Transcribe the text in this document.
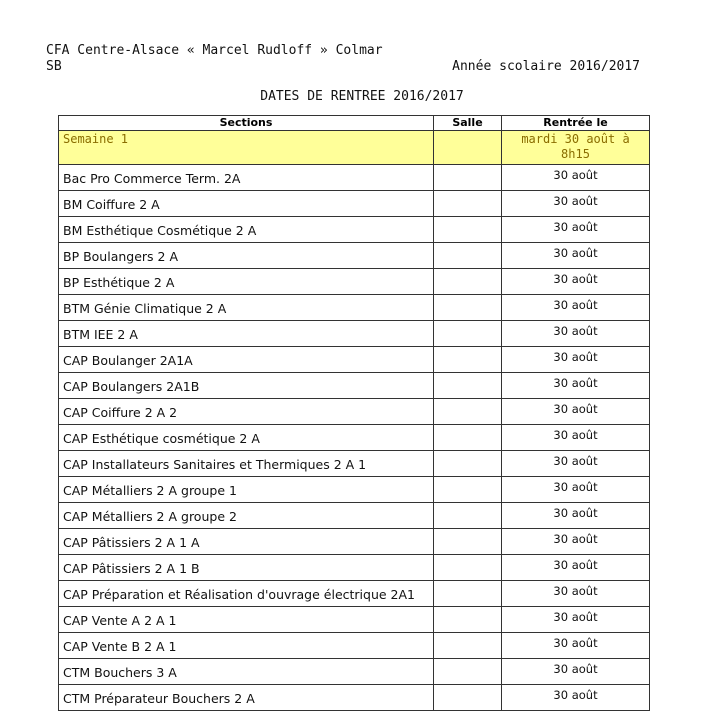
CFA Centre-Alsace « Marcel Rudloff » Colmar
SB	Année scolaire 2016/2017
DATES DE RENTREE 2016/2017
Sections	Salle	Rentrée le
Semaine 1		mardi 30 août à 8h15
Bac Pro Commerce Term. 2A		30 août
BM Coiffure 2 A		30 août
BM Esthétique Cosmétique 2 A		30 août
BP Boulangers 2 A		30 août
BP Esthétique 2 A		30 août
BTM Génie Climatique 2 A		30 août
BTM IEE 2 A		30 août
CAP Boulanger 2A1A		30 août
CAP Boulangers 2A1B		30 août
CAP Coiffure 2 A 2		30 août
CAP Esthétique cosmétique 2 A		30 août
CAP Installateurs Sanitaires et Thermiques 2 A 1		30 août
CAP Métalliers 2 A groupe 1		30 août
CAP Métalliers 2 A groupe 2		30 août
CAP Pâtissiers 2 A 1 A		30 août
CAP Pâtissiers 2 A 1 B		30 août
CAP Préparation et Réalisation d'ouvrage électrique 2A1		30 août
CAP Vente A 2 A 1		30 août
CAP Vente B 2 A 1		30 août
CTM Bouchers 3 A		30 août
CTM Préparateur Bouchers 2 A		30 août
